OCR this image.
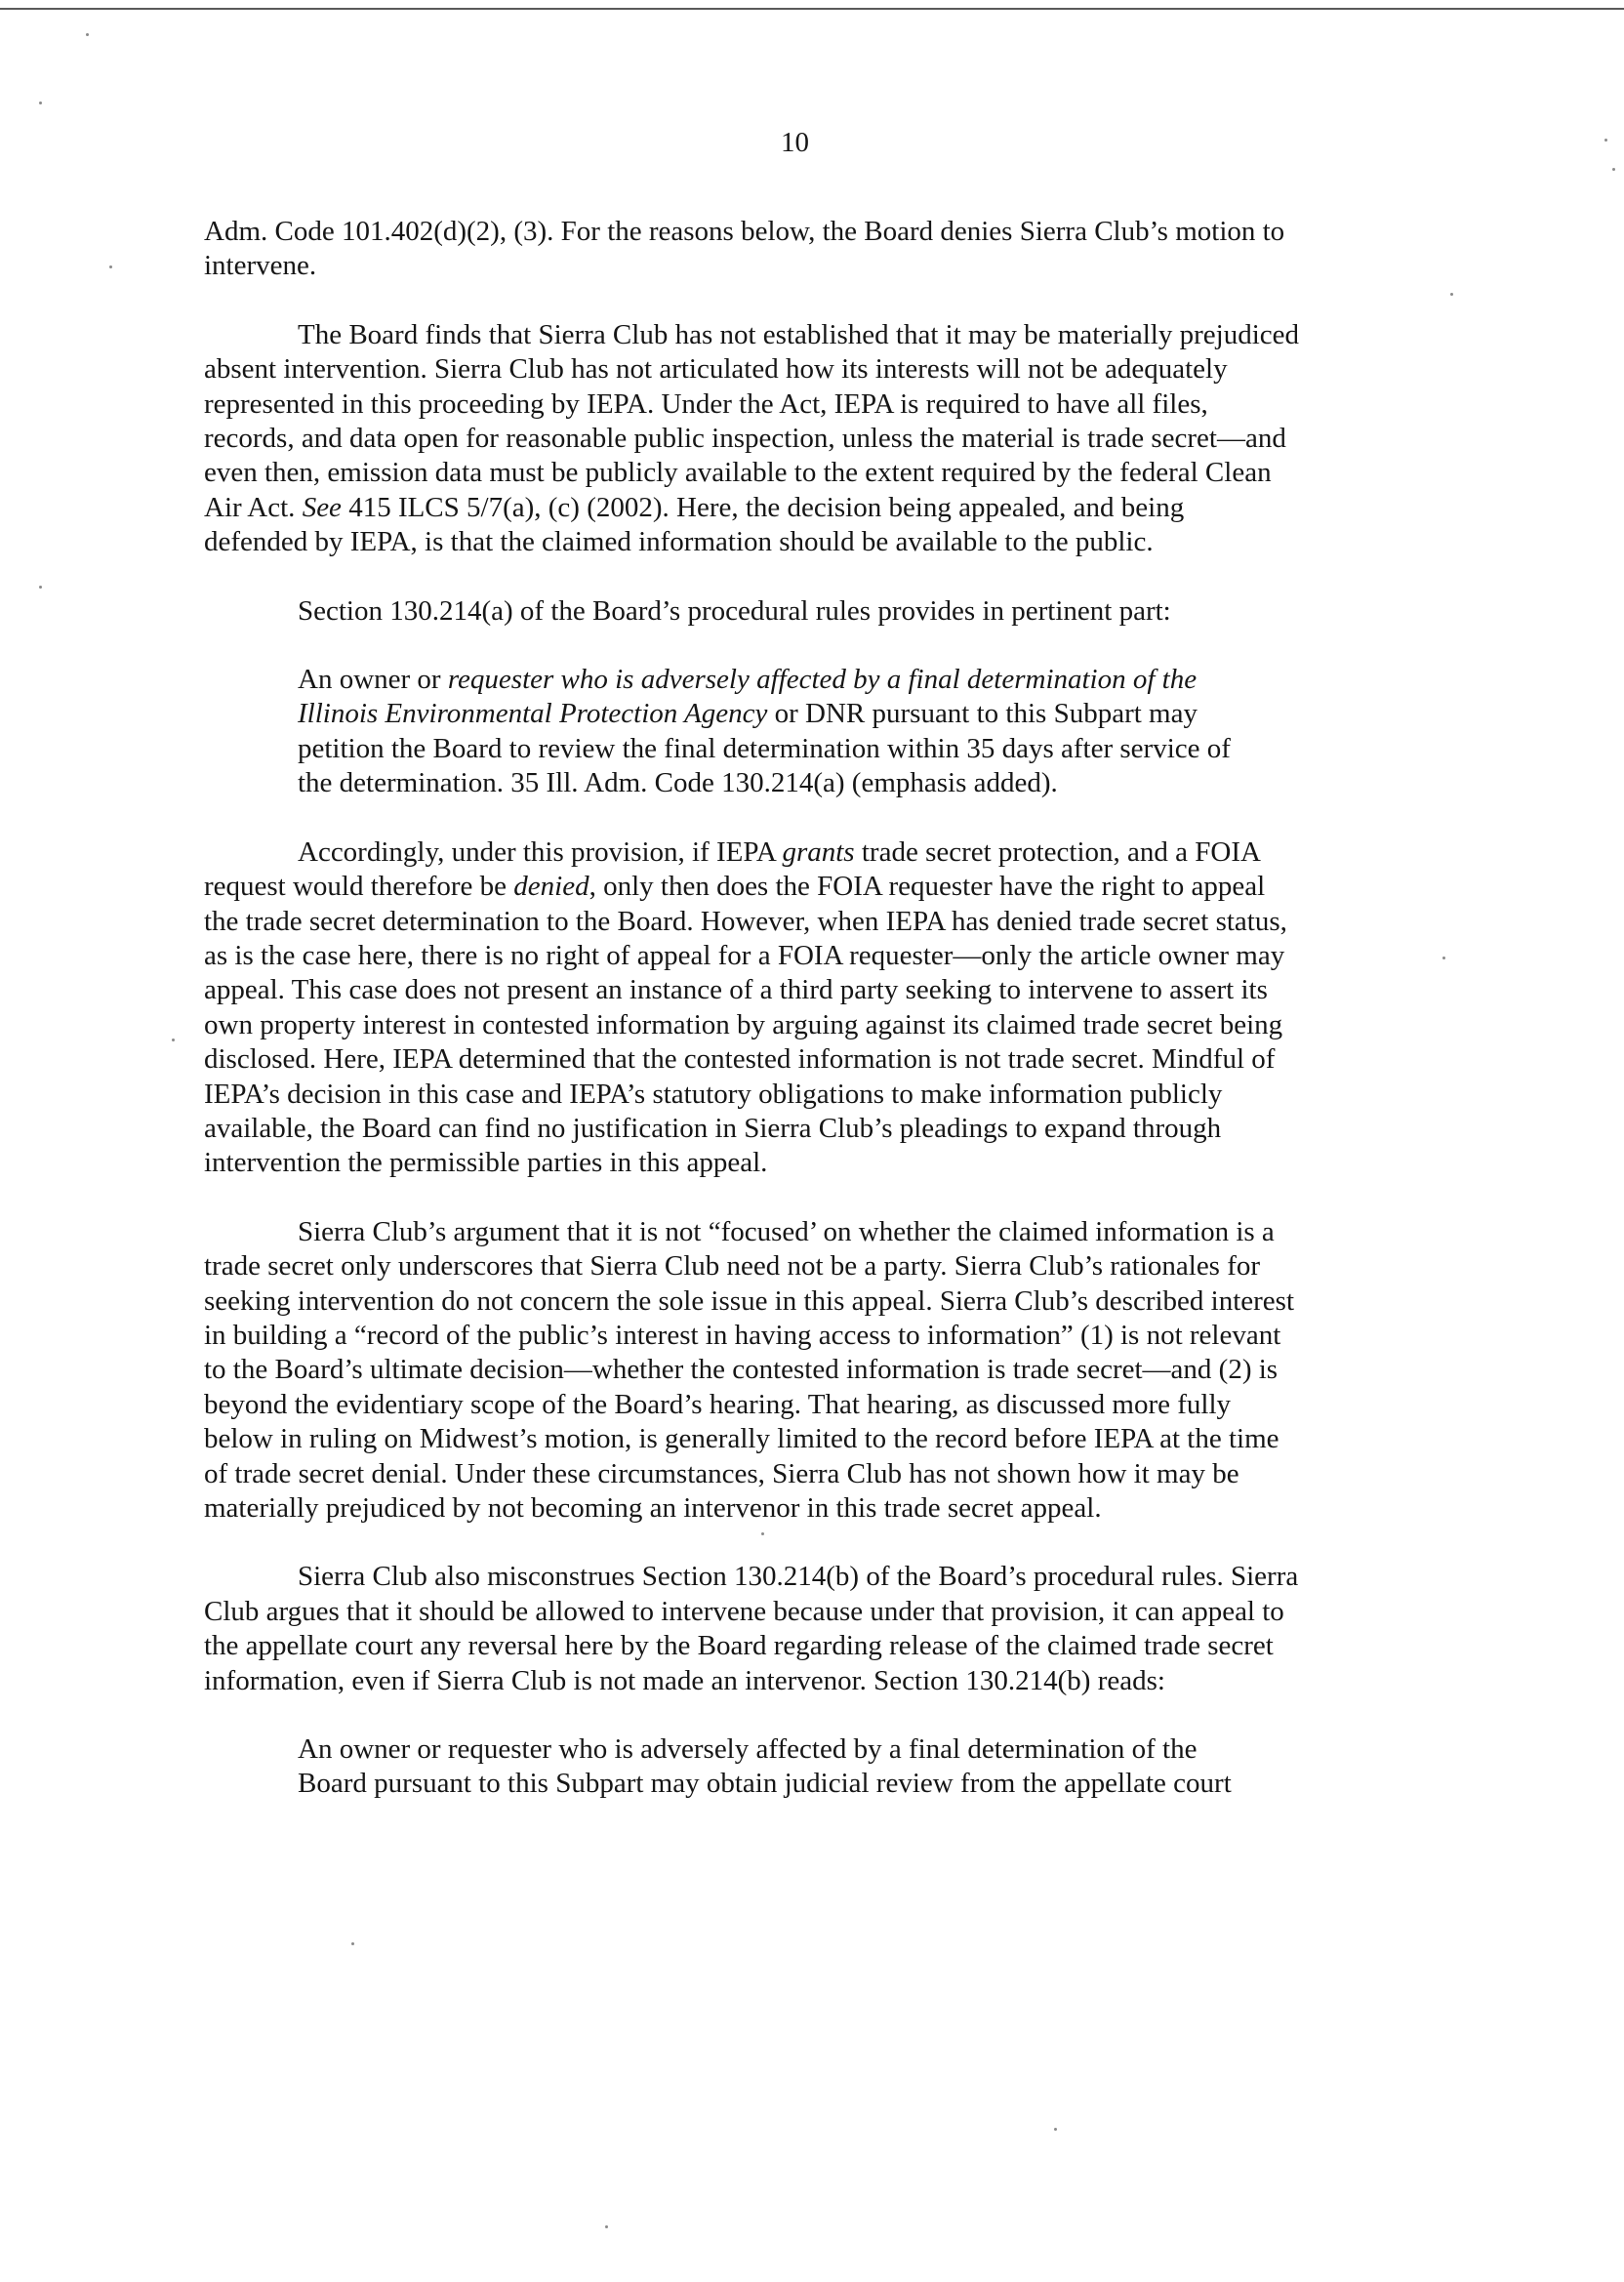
10

Adm. Code 101.402(d)(2), (3). For the reasons below, the Board denies Sierra Club’s motion to
intervene.

The Board finds that Sierra Club has not established that it may be materially prejudiced
absent intervention. Sierra Club has not articulated how its interests will not be adequately
represented in this proceeding by IEPA. Under the Act, IEPA is required to have all files,
records, and data open for reasonable public inspection, unless the material is trade secret—and
even then, emission data must be publicly available to the extent required by the federal Clean
Air Act. See 415 ILCS 5/7(a), (c) (2002). Here, the decision being appealed, and being
defended by IEPA, is that the claimed information should be available to the public.

Section 130.214(a) of the Board’s procedural rules provides in pertinent part:

An owner or requester who is adversely affected by a final determination of the
Illinois Environmental Protection Agency or DNR pursuant to this Subpart may
petition the Board to review the final determination within 35 days after service of
the determination. 35 Ill. Adm. Code 130.214(a) (emphasis added).

Accordingly, under this provision, if IEPA grants trade secret protection, and a FOIA
request would therefore be denied, only then does the FOIA requester have the right to appeal
the trade secret determination to the Board. However, when IEPA has denied trade secret status,
as is the case here, there is no right of appeal for a FOIA requester—only the article owner may
appeal. This case does not present an instance of a third party seeking to intervene to assert its
own property interest in contested information by arguing against its claimed trade secret being
disclosed. Here, IEPA determined that the contested information is not trade secret. Mindful of
IEPA’s decision in this case and IEPA’s statutory obligations to make information publicly
available, the Board can find no justification in Sierra Club’s pleadings to expand through
intervention the permissible parties in this appeal.

Sierra Club’s argument that it is not “focused’ on whether the claimed information is a
trade secret only underscores that Sierra Club need not be a party. Sierra Club’s rationales for
seeking intervention do not concern the sole issue in this appeal. Sierra Club’s described interest
in building a “record of the public’s interest in having access to information” (1) is not relevant
to the Board’s ultimate decision—whether the contested information is trade secret—and (2) is
beyond the evidentiary scope of the Board’s hearing. That hearing, as discussed more fully
below in ruling on Midwest’s motion, is generally limited to the record before IEPA at the time
of trade secret denial. Under these circumstances, Sierra Club has not shown how it may be
materially prejudiced by not becoming an intervenor in this trade secret appeal.

Sierra Club also misconstrues Section 130.214(b) of the Board’s procedural rules. Sierra
Club argues that it should be allowed to intervene because under that provision, it can appeal to
the appellate court any reversal here by the Board regarding release of the claimed trade secret
information, even if Sierra Club is not made an intervenor. Section 130.214(b) reads:

An owner or requester who is adversely affected by a final determination of the
Board pursuant to this Subpart may obtain judicial review from the appellate court
